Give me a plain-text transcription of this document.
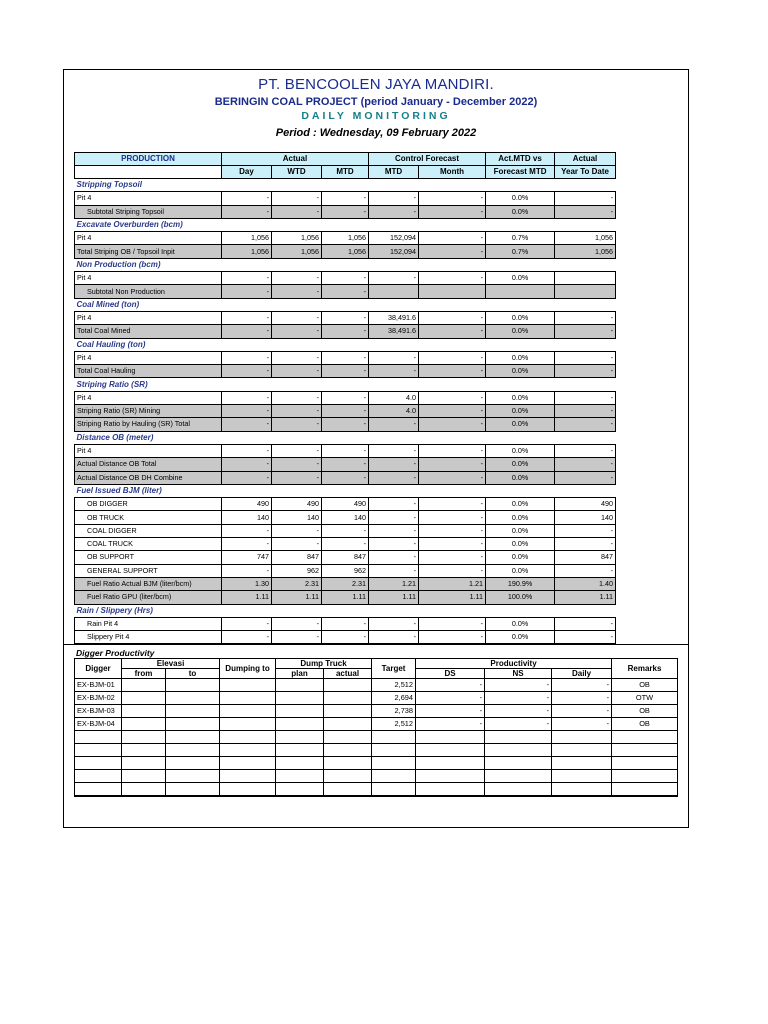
PT. BENCOOLEN JAYA MANDIRI.
BERINGIN COAL PROJECT (period January - December 2022)
DAILY MONITORING
Period : Wednesday, 09 February 2022
PRODUCTION	Actual			Control Forecast		Act.MTD vs	Actual
	Day	WTD	MTD	MTD	Month	Forecast MTD	Year To Date
Stripping Topsoil							
Pit 4	-	-	-	-	-	0.0%	-
Subtotal Striping Topsoil	-	-	-	-	-	0.0%	-
Excavate Overburden (bcm)							
Pit 4	1,056	1,056	1,056	152,094	-	0.7%	1,056
Total Striping OB / Topsoil Inpit	1,056	1,056	1,056	152,094	-	0.7%	1,056
Non Production (bcm)							
Pit 4	-	-	-	-	-	0.0%	
Subtotal Non Production	-	-	-				
Coal Mined (ton)							
Pit 4	-	-	-	38,491.6	-	0.0%	-
Total Coal Mined	-	-	-	38,491.6	-	0.0%	-
Coal Hauling (ton)							
Pit 4	-	-	-	-	-	0.0%	-
Total Coal Hauling	-	-	-	-	-	0.0%	-
Striping Ratio (SR)							
Pit 4	-	-	-	4.0	-	0.0%	-
Striping Ratio (SR) Mining	-	-	-	4.0	-	0.0%	-
Striping Ratio by Hauling (SR) Total	-	-	-	-	-	0.0%	-
Distance OB (meter)							
Pit 4	-	-	-	-	-	0.0%	-
Actual Distance OB Total	-	-	-	-	-	0.0%	-
Actual Distance OB DH Combine	-	-	-	-	-	0.0%	-
Fuel Issued BJM (liter)							
OB DIGGER	490	490	490	-	-	0.0%	490
OB TRUCK	140	140	140	-	-	0.0%	140
COAL DIGGER	-	-	-	-	-	0.0%	-
COAL TRUCK	-	-	-	-	-	0.0%	-
OB SUPPORT	747	847	847	-	-	0.0%	847
GENERAL SUPPORT	-	962	962	-	-	0.0%	-
Fuel Ratio Actual BJM (liter/bcm)	1.30	2.31	2.31	1.21	1.21	190.9%	1.40
Fuel Ratio GPU (liter/bcm)	1.11	1.11	1.11	1.11	1.11	100.0%	1.11
Rain / Slippery (Hrs)							
Rain Pit 4	-	-	-	-	-	0.0%	-
Slippery Pit 4	-	-	-	-	-	0.0%	-
Digger Productivity
Digger	Elevasi		Dumping to	Dump Truck		Target	Productivity			Remarks
	from	to		plan	actual		DS	NS	Daily	
EX-BJM-01						2,512	-	-	-	OB
EX-BJM-02						2,694	-	-	-	OTW
EX-BJM-03						2,738	-	-	-	OB
EX-BJM-04						2,512	-	-	-	OB
